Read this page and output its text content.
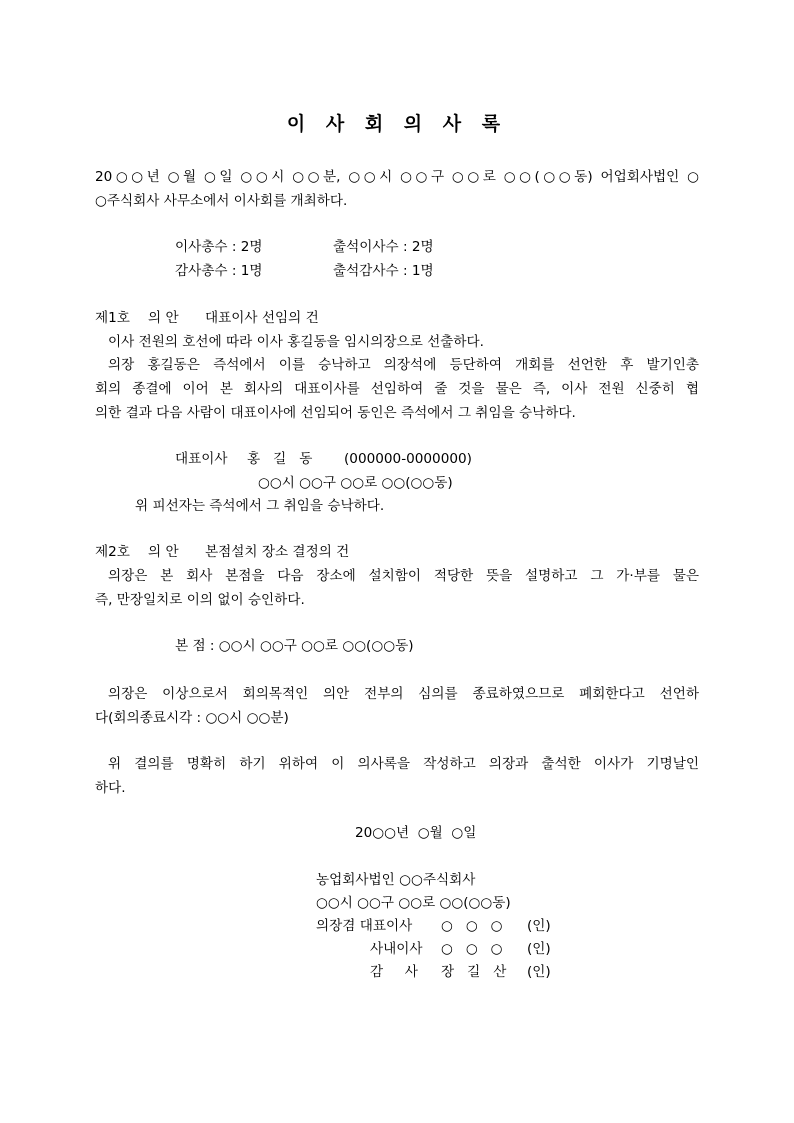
이 사 회 의 사 록
20○○년 ○월 ○일 ○○시 ○○분, ○○시 ○○구 ○○로 ○○(○○동) 어업회사법인 ○
○주식회사 사무소에서 이사회를 개최하다.
이사총수 : 2명	출석이사수 : 2명
감사총수 : 1명	출석감사수 : 1명
제1호 의 안 대표이사 선임의 건
이사 전원의 호선에 따라 이사 홍길동을 임시의장으로 선출하다.
의장 홍길동은 즉석에서 이를 승낙하고 의장석에 등단하여 개회를 선언한 후 발기인총
회의 종결에 이어 본 회사의 대표이사를 선임하여 줄 것을 물은 즉, 이사 전원 신중히 협
의한 결과 다음 사람이 대표이사에 선임되어 동인은 즉석에서 그 취임을 승낙하다.
대표이사 홍   길   동 (000000-0000000)
○○시 ○○구 ○○로 ○○(○○동)
위 피선자는 즉석에서 그 취임을 승낙하다.
제2호 의 안 본점설치 장소 결정의 건
의장은 본 회사 본점을 다음 장소에 설치함이 적당한 뜻을 설명하고 그 가·부를 물은
즉, 만장일치로 이의 없이 승인하다.
본 점 : ○○시 ○○구 ○○로 ○○(○○동)
의장은 이상으로서 회의목적인 의안 전부의 심의를 종료하였으므로 폐회한다고 선언하
다(회의종료시각 : ○○시 ○○분)
위 결의를 명확히 하기 위하여 이 의사록을 작성하고 의장과 출석한 이사가 기명날인
하다.
20○○년  ○월  ○일
농업회사법인 ○○주식회사
○○시 ○○구 ○○로 ○○(○○동)
의장겸 대표이사 ○   ○   ○ (인)
사내이사 ○   ○   ○ (인)
감     사 장   길   산 (인)
